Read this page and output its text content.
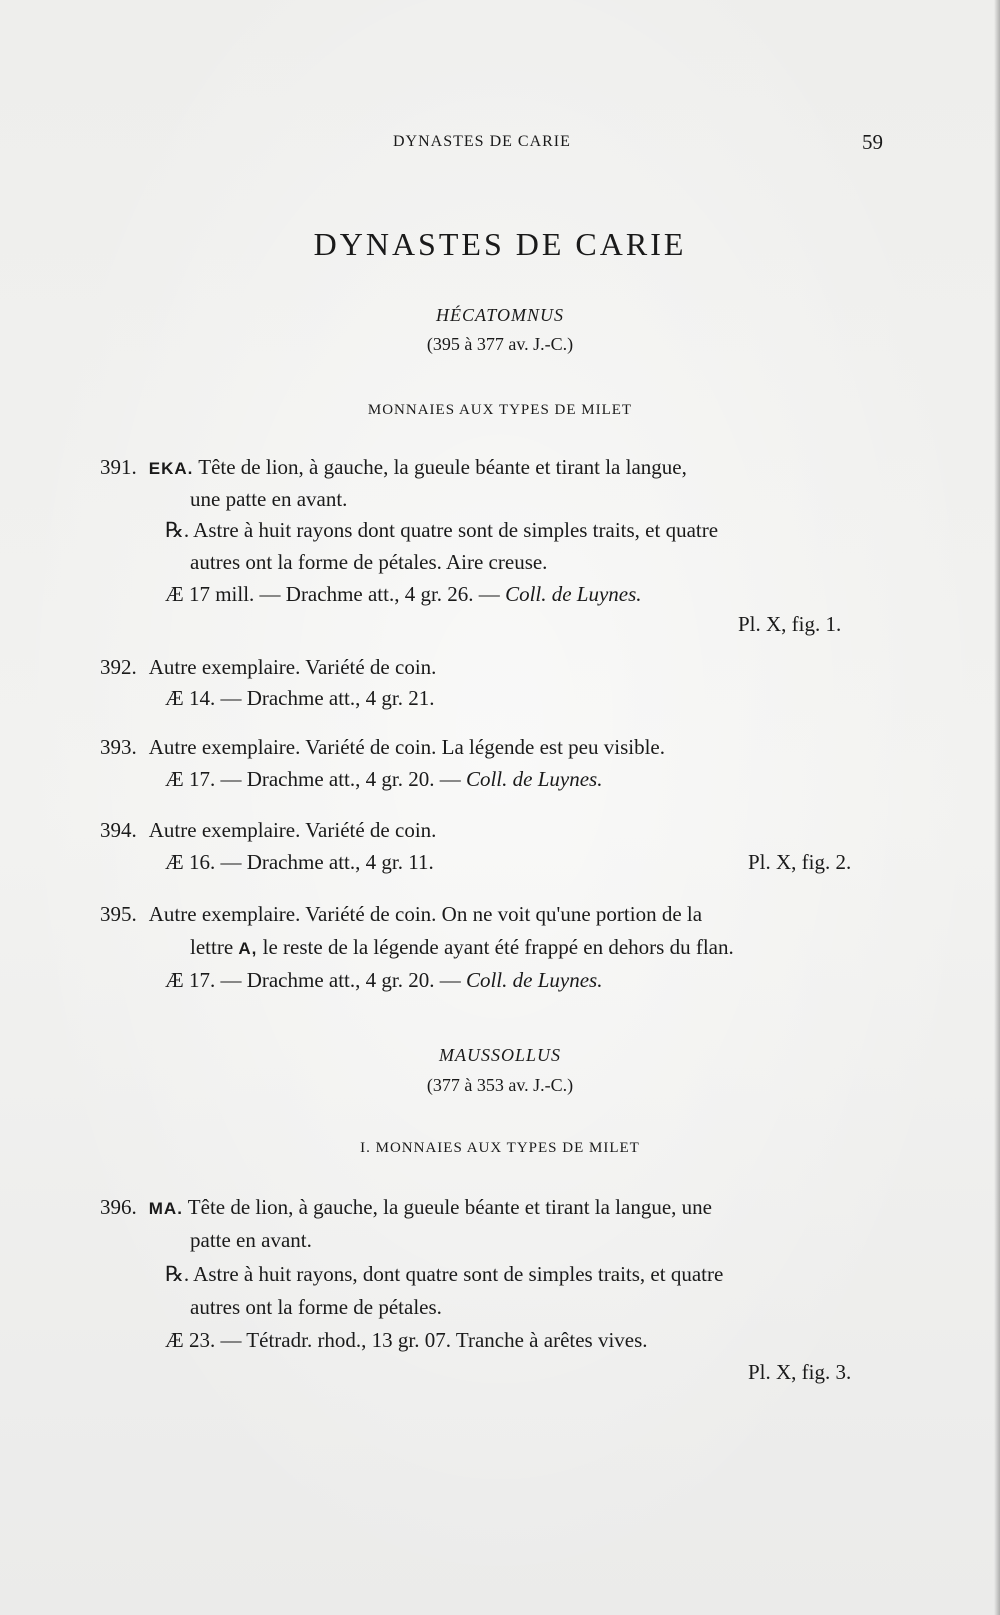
DYNASTES DE CARIE	59
DYNASTES DE CARIE
HÉCATOMNUS
(395 à 377 av. J.-C.)
MONNAIES AUX TYPES DE MILET
391. EKA. Tête de lion, à gauche, la gueule béante et tirant la langue,
une patte en avant.
℞. Astre à huit rayons dont quatre sont de simples traits, et quatre
autres ont la forme de pétales. Aire creuse.
Æ 17 mill. — Drachme att., 4 gr. 26. — Coll. de Luynes.
Pl. X, fig. 1.
392. Autre exemplaire. Variété de coin.
Æ 14. — Drachme att., 4 gr. 21.
393. Autre exemplaire. Variété de coin. La légende est peu visible.
Æ 17. — Drachme att., 4 gr. 20. — Coll. de Luynes.
394. Autre exemplaire. Variété de coin.
Æ 16. — Drachme att., 4 gr. 11.	Pl. X, fig. 2.
395. Autre exemplaire. Variété de coin. On ne voit qu'une portion de la
lettre A, le reste de la légende ayant été frappé en dehors du flan.
Æ 17. — Drachme att., 4 gr. 20. — Coll. de Luynes.
MAUSSOLLUS
(377 à 353 av. J.-C.)
I. MONNAIES AUX TYPES DE MILET
396. MA. Tête de lion, à gauche, la gueule béante et tirant la langue, une
patte en avant.
℞. Astre à huit rayons, dont quatre sont de simples traits, et quatre
autres ont la forme de pétales.
Æ 23. — Tétradr. rhod., 13 gr. 07. Tranche à arêtes vives.
Pl. X, fig. 3.
